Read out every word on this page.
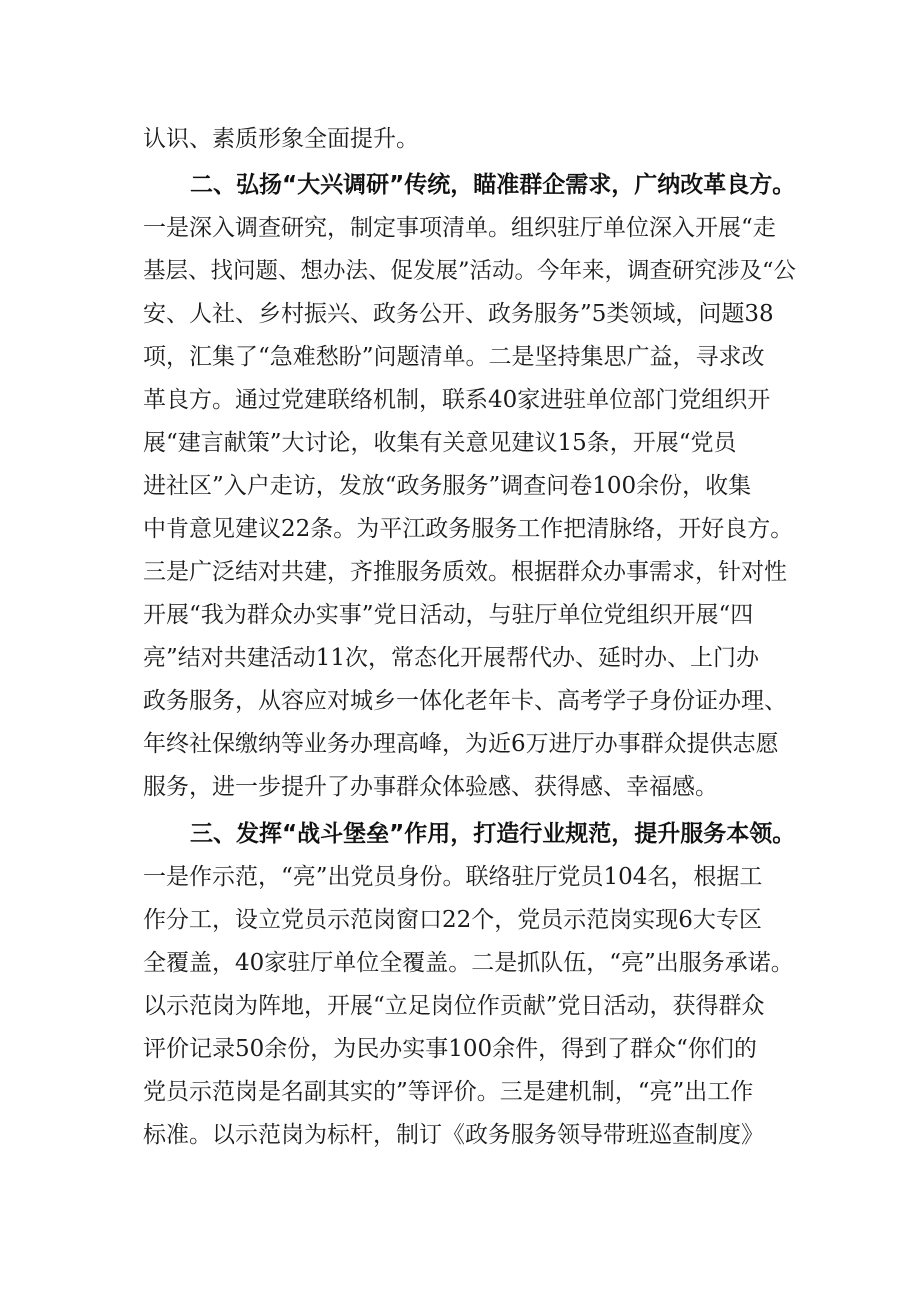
认识、素质形象全面提升。
二、弘扬“大兴调研”传统，瞄准群企需求，广纳改革良方。
一是深入调查研究，制定事项清单。组织驻厅单位深入开展“走
基层、找问题、想办法、促发展”活动。今年来，调查研究涉及“公
安、人社、乡村振兴、政务公开、政务服务”5类领域，问题38
项，汇集了“急难愁盼”问题清单。二是坚持集思广益，寻求改
革良方。通过党建联络机制，联系40家进驻单位部门党组织开
展“建言献策”大讨论，收集有关意见建议15条，开展“党员
进社区”入户走访，发放“政务服务”调查问卷100余份，收集
中肯意见建议22条。为平江政务服务工作把清脉络，开好良方。
三是广泛结对共建，齐推服务质效。根据群众办事需求，针对性
开展“我为群众办实事”党日活动，与驻厅单位党组织开展“四
亮”结对共建活动11次，常态化开展帮代办、延时办、上门办
政务服务，从容应对城乡一体化老年卡、高考学子身份证办理、
年终社保缴纳等业务办理高峰，为近6万进厅办事群众提供志愿
服务，进一步提升了办事群众体验感、获得感、幸福感。
三、发挥“战斗堡垒”作用，打造行业规范，提升服务本领。
一是作示范，“亮”出党员身份。联络驻厅党员104名，根据工
作分工，设立党员示范岗窗口22个，党员示范岗实现6大专区
全覆盖，40家驻厅单位全覆盖。二是抓队伍，“亮”出服务承诺。
以示范岗为阵地，开展“立足岗位作贡献”党日活动，获得群众
评价记录50余份，为民办实事100余件，得到了群众“你们的
党员示范岗是名副其实的”等评价。三是建机制，“亮”出工作
标准。以示范岗为标杆，制订《政务服务领导带班巡查制度》
